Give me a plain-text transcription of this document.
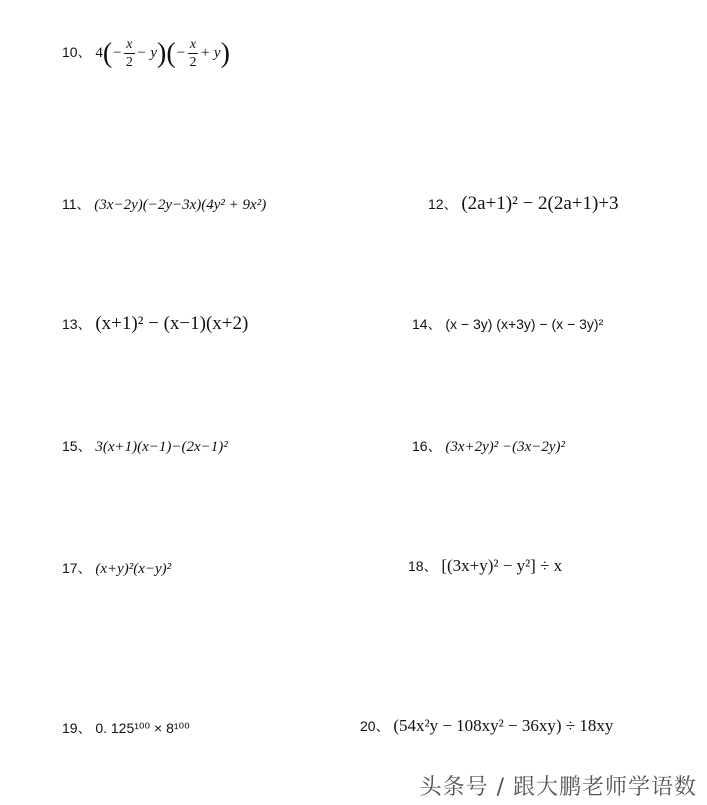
10、 $4(- \frac{x}{2} - y)(- \frac{x}{2} + y)$
11、 (3x−2y)(−2y−3x)(4y² + 9x²)	12、 (2a+1)² − 2(2a+1)+3
13、 (x+1)² − (x−1)(x+2)	14、 (x − 3y) (x+3y) − (x − 3y)²
15、 3(x+1)(x−1)−(2x−1)²	16、 (3x+2y)² −(3x−2y)²
17、 (x+y)²(x−y)²	18、 [(3x+y)² − y²] ÷ x
19、 0. 125¹⁰⁰ × 8¹⁰⁰	20、 (54x²y − 108xy² − 36xy) ÷ 18xy
头条号 / 跟大鹏老师学语数
